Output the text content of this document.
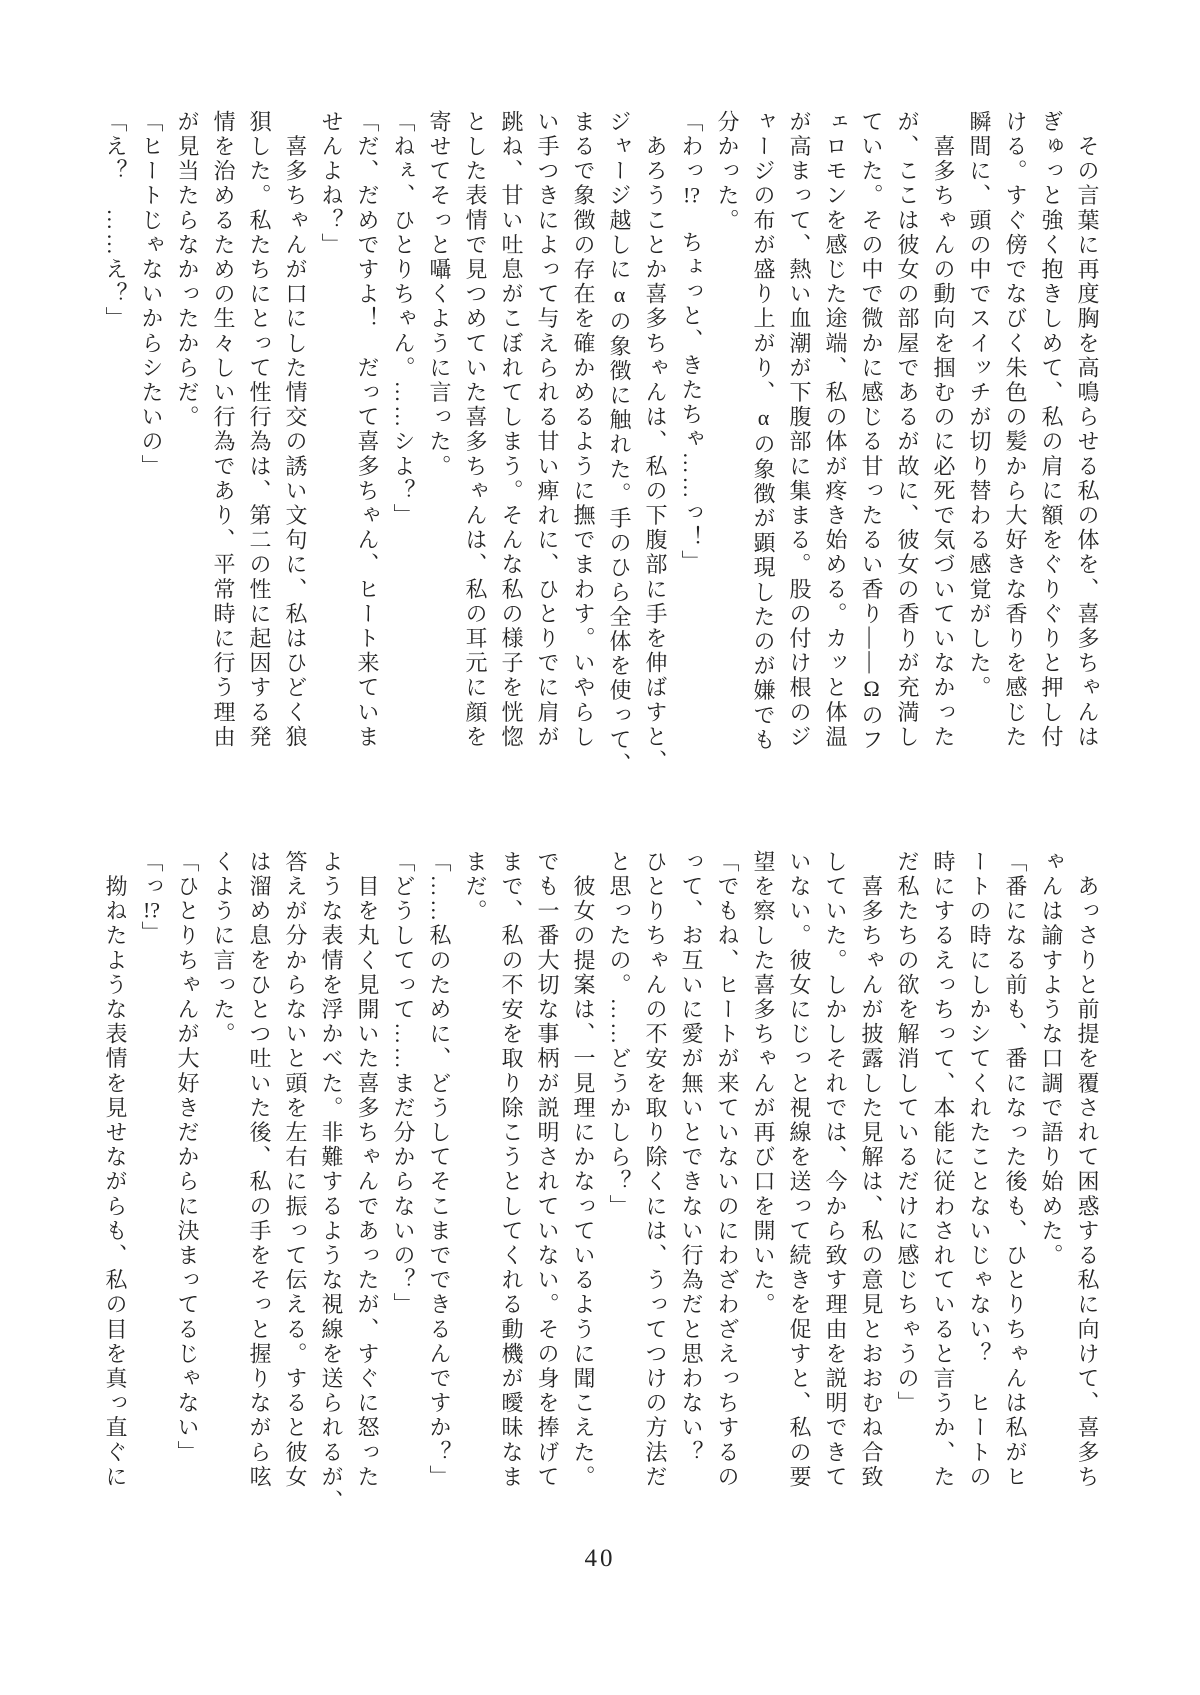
　その言葉に再度胸を高鳴らせる私の体を、喜多ちゃんは
ぎゅっと強く抱きしめて、私の肩に額をぐりぐりと押し付
ける。すぐ傍でなびく朱色の髪から大好きな香りを感じた
瞬間に、頭の中でスイッチが切り替わる感覚がした。
　喜多ちゃんの動向を掴むのに必死で気づいていなかった
が、ここは彼女の部屋であるが故に、彼女の香りが充満し
ていた。その中で微かに感じる甘ったるい香り——Ωのフ
ェロモンを感じた途端、私の体が疼き始める。カッと体温
が高まって、熱い血潮が下腹部に集まる。股の付け根のジ
ャージの布が盛り上がり、αの象徴が顕現したのが嫌でも
分かった。
「わっ!?　ちょっと、きたちゃ……っ！」
　あろうことか喜多ちゃんは、私の下腹部に手を伸ばすと、
ジャージ越しにαの象徴に触れた。手のひら全体を使って、
まるで象徴の存在を確かめるように撫でまわす。いやらし
い手つきによって与えられる甘い痺れに、ひとりでに肩が
跳ね、甘い吐息がこぼれてしまう。そんな私の様子を恍惚
とした表情で見つめていた喜多ちゃんは、私の耳元に顔を
寄せてそっと囁くように言った。
「ねぇ、ひとりちゃん。……シよ？」
「だ、だめですよ！　だって喜多ちゃん、ヒート来ていま
せんよね？」
　喜多ちゃんが口にした情交の誘い文句に、私はひどく狼
狽した。私たちにとって性行為は、第二の性に起因する発
情を治めるための生々しい行為であり、平常時に行う理由
が見当たらなかったからだ。
「ヒートじゃないからシたいの」
「え？　……え？」
　あっさりと前提を覆されて困惑する私に向けて、喜多ち
ゃんは諭すような口調で語り始めた。
「番になる前も、番になった後も、ひとりちゃんは私がヒ
ートの時にしかシてくれたことないじゃない？　ヒートの
時にするえっちって、本能に従わされていると言うか、た
だ私たちの欲を解消しているだけに感じちゃうの」
　喜多ちゃんが披露した見解は、私の意見とおおむね合致
していた。しかしそれでは、今から致す理由を説明できて
いない。彼女にじっと視線を送って続きを促すと、私の要
望を察した喜多ちゃんが再び口を開いた。
「でもね、ヒートが来ていないのにわざわざえっちするの
って、お互いに愛が無いとできない行為だと思わない？
ひとりちゃんの不安を取り除くには、うってつけの方法だ
と思ったの。……どうかしら？」
　彼女の提案は、一見理にかなっているように聞こえた。
でも一番大切な事柄が説明されていない。その身を捧げて
まで、私の不安を取り除こうとしてくれる動機が曖昧なま
まだ。
「……私のために、どうしてそこまでできるんですか？」
「どうしてって……まだ分からないの？」
　目を丸く見開いた喜多ちゃんであったが、すぐに怒った
ような表情を浮かべた。非難するような視線を送られるが、
答えが分からないと頭を左右に振って伝える。すると彼女
は溜め息をひとつ吐いた後、私の手をそっと握りながら呟
くように言った。
「ひとりちゃんが大好きだからに決まってるじゃない」
「っ!?」
　拗ねたような表情を見せながらも、私の目を真っ直ぐに
40
